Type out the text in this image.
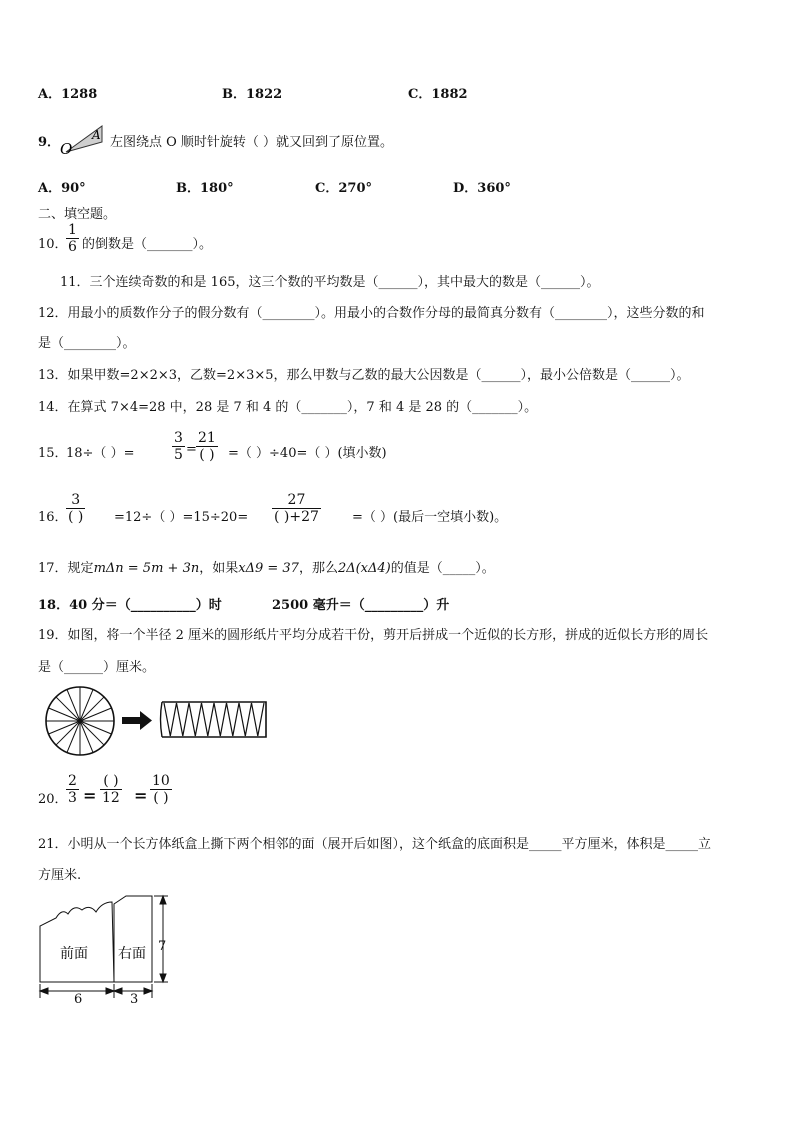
A．1288	B．1822	C．1882
9． O
A 左图绕点 O 顺时针旋转（ ）就又回到了原位置。
A．90°	B．180°	C．270°	D．360°
二、填空题。
10．
$\frac{1}{6}$ 的倒数是（_______）。
11．三个连续奇数的和是 165，这三个数的平均数是（______），其中最大的数是（______）。
12．用最小的质数作分子的假分数有（________）。用最小的合数作分母的最简真分数有（________），这些分数的和
是（________）。
13．如果甲数=2×2×3，乙数=2×3×5，那么甲数与乙数的最大公因数是（______），最小公倍数是（______）。
14．在算式 7×4=28 中，28 是 7 和 4 的（_______），7 和 4 是 28 的（_______）。
15．
18÷（ ）=	$\frac{3}{5}$ =
21
( ) =（ ）÷40=（ ）(填小数)
16．
3
( ) =12÷（ ）$=15\div 20= \frac{27}{( )+27}$ =（ ）(最后一空填小数)。
17．规定mΔn = 5m + 3n，如果xΔ9 = 37，那么2Δ(xΔ4)的值是（_____）。
18．40 分＝（__________）时	2500 毫升＝（_________）升
19．如图，将一个半径 2 厘米的圆形纸片平均分成若干份，剪开后拼成一个近似的长方形，拼成的近似长方形的周长
是（______）厘米。
20．
$\frac{2}{3}$ =
( )
12 =
10
( )
21．小明从一个长方体纸盒上撕下两个相邻的面（展开后如图），这个纸盒的底面积是_____平方厘米，体积是_____立
方厘米.
前面 右面 7
6	3
